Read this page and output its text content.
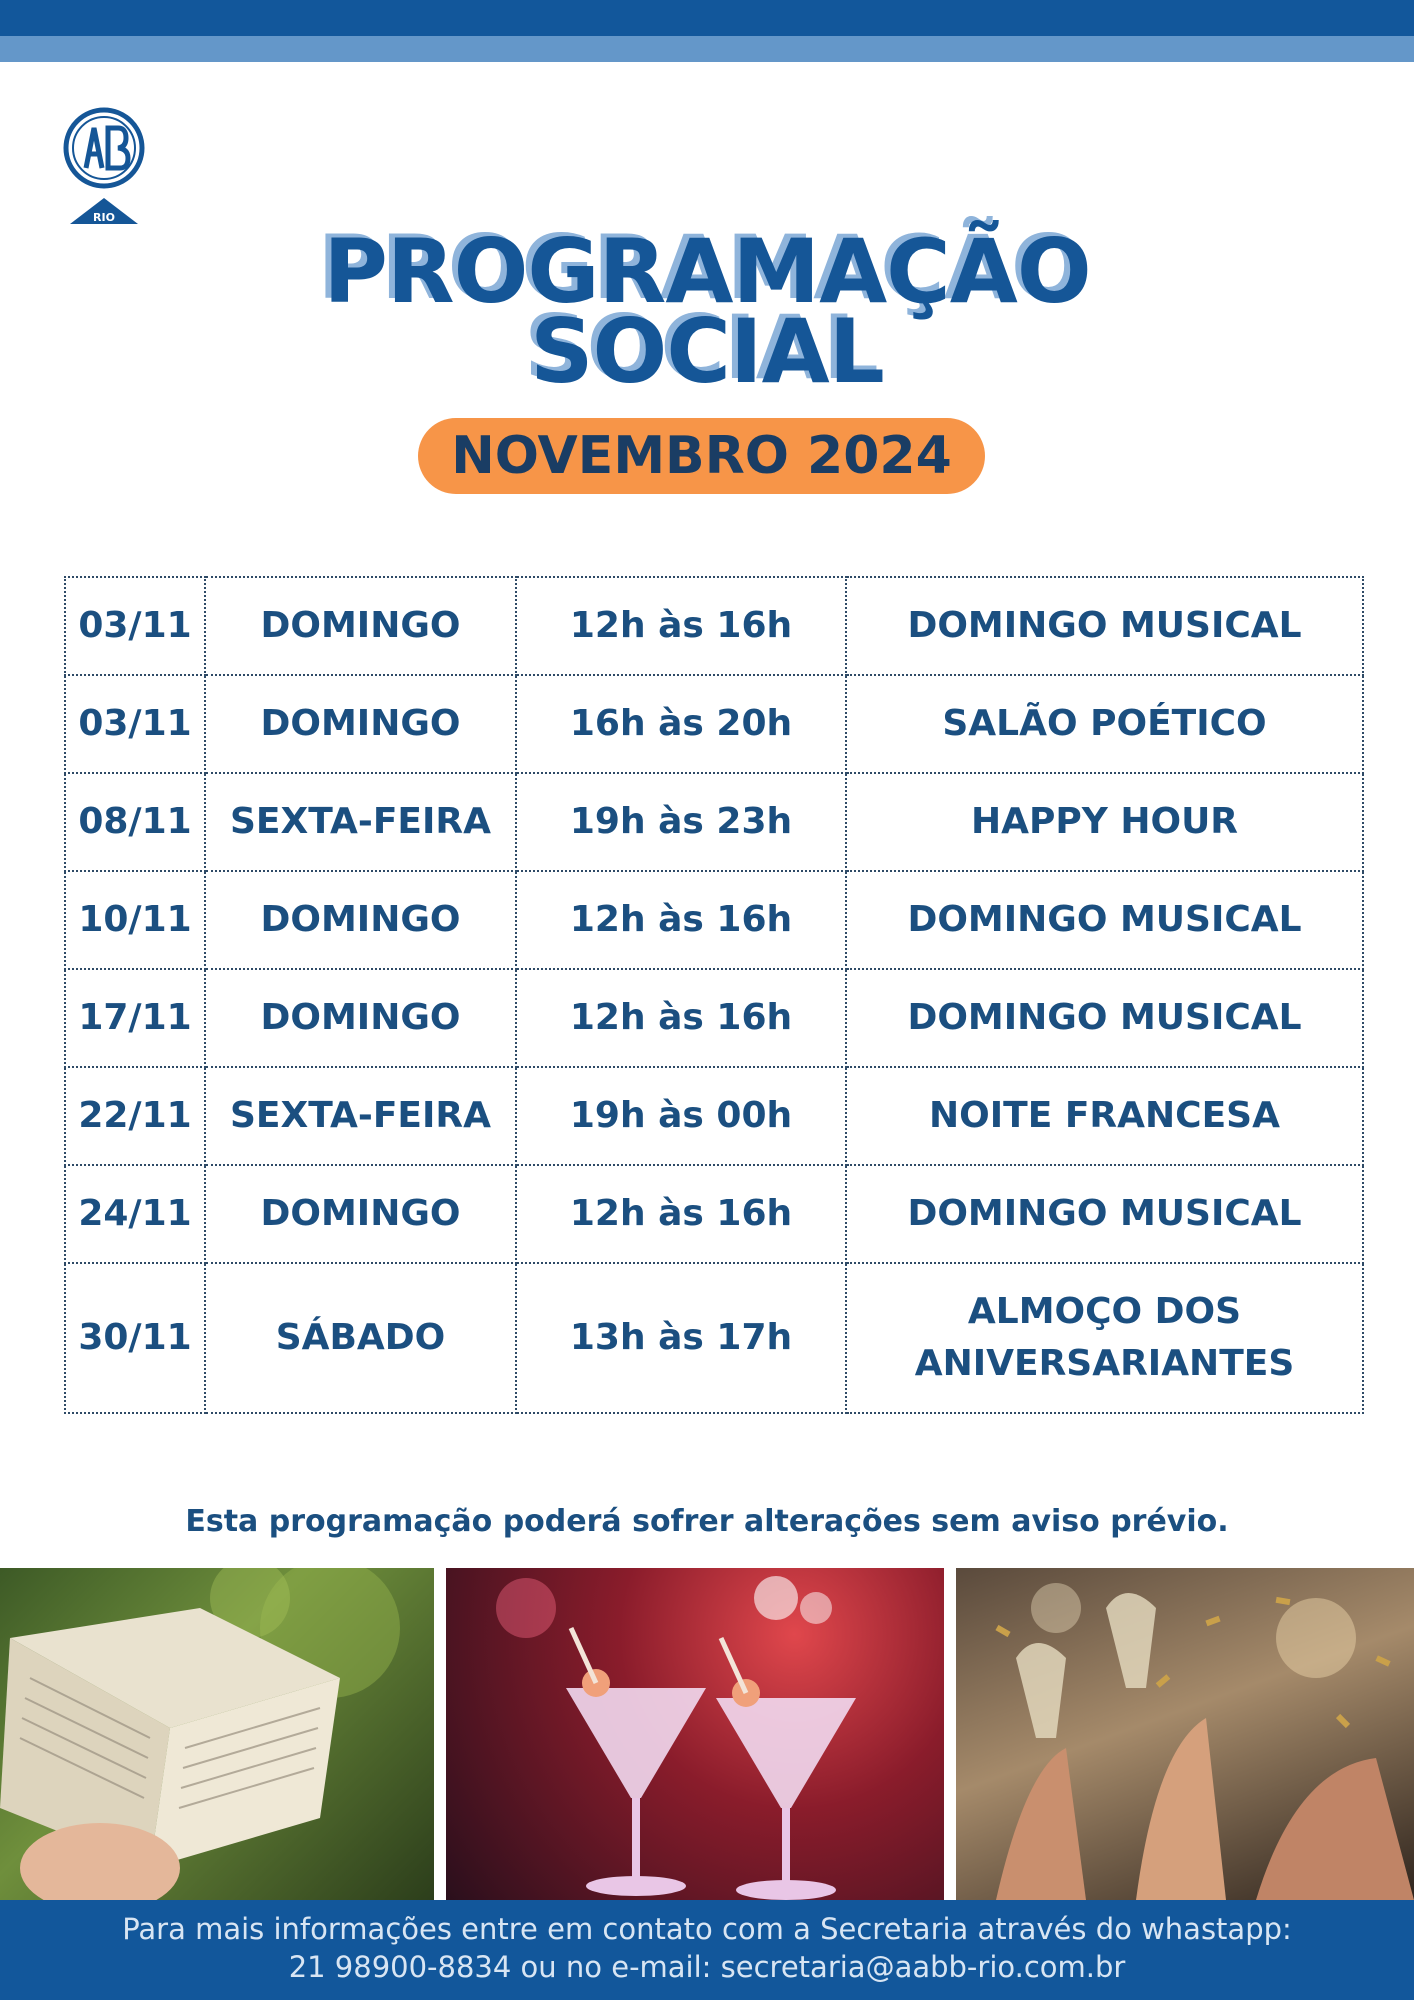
RIO
PROGRAMAÇÃO
SOCIAL
NOVEMBRO 2024
03/11	DOMINGO	12h às 16h	DOMINGO MUSICAL
03/11	DOMINGO	16h às 20h	SALÃO POÉTICO
08/11	SEXTA-FEIRA	19h às 23h	HAPPY HOUR
10/11	DOMINGO	12h às 16h	DOMINGO MUSICAL
17/11	DOMINGO	12h às 16h	DOMINGO MUSICAL
22/11	SEXTA-FEIRA	19h às 00h	NOITE FRANCESA
24/11	DOMINGO	12h às 16h	DOMINGO MUSICAL
30/11	SÁBADO	13h às 17h	ALMOÇO DOS
ANIVERSARIANTES
Esta programação poderá sofrer alterações sem aviso prévio.
Para mais informações entre em contato com a Secretaria através do whastapp:
21 98900-8834 ou no e-mail: secretaria@aabb-rio.com.br
